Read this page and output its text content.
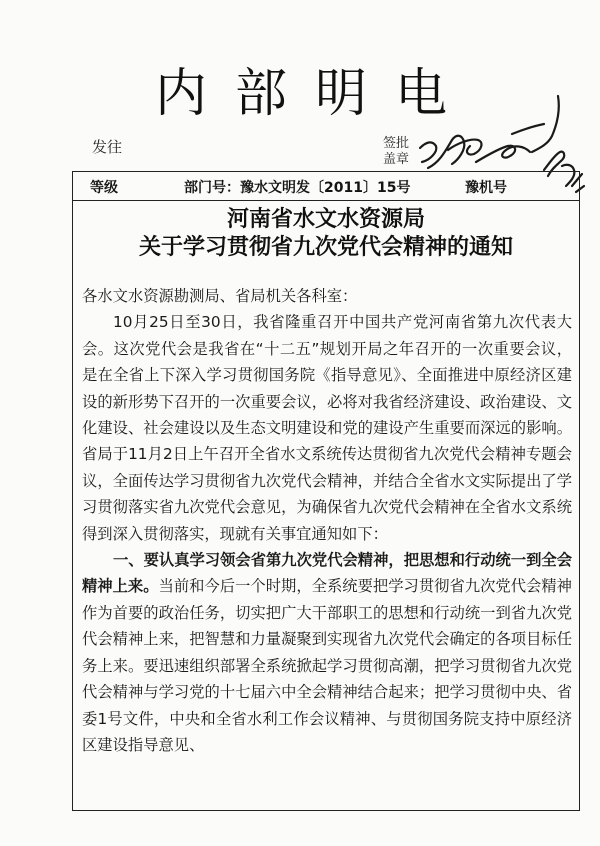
内部明电
发往	签批
盖章
等级	部门号：豫水文明发〔2011〕15号	豫机号
河南省水文水资源局
关于学习贯彻省九次党代会精神的通知

各水文水资源勘测局、省局机关各科室：

10月25日至30日，我省隆重召开中国共产党河南省第九次代表大会。这次党代会是我省在“十二五”规划开局之年召开的一次重要会议，是在全省上下深入学习贯彻国务院《指导意见》、全面推进中原经济区建设的新形势下召开的一次重要会议，必将对我省经济建设、政治建设、文化建设、社会建设以及生态文明建设和党的建设产生重要而深远的影响。省局于11月2日上午召开全省水文系统传达贯彻省九次党代会精神专题会议，全面传达学习贯彻省九次党代会精神，并结合全省水文实际提出了学习贯彻落实省九次党代会意见，为确保省九次党代会精神在全省水文系统得到深入贯彻落实，现就有关事宜通知如下：

一、要认真学习领会省第九次党代会精神，把思想和行动统一到全会精神上来。当前和今后一个时期，全系统要把学习贯彻省九次党代会精神作为首要的政治任务，切实把广大干部职工的思想和行动统一到省九次党代会精神上来，把智慧和力量凝聚到实现省九次党代会确定的各项目标任务上来。要迅速组织部署全系统掀起学习贯彻高潮，把学习贯彻省九次党代会精神与学习党的十七届六中全会精神结合起来；把学习贯彻中央、省委1号文件，中央和全省水利工作会议精神、与贯彻国务院支持中原经济区建设指导意见、
